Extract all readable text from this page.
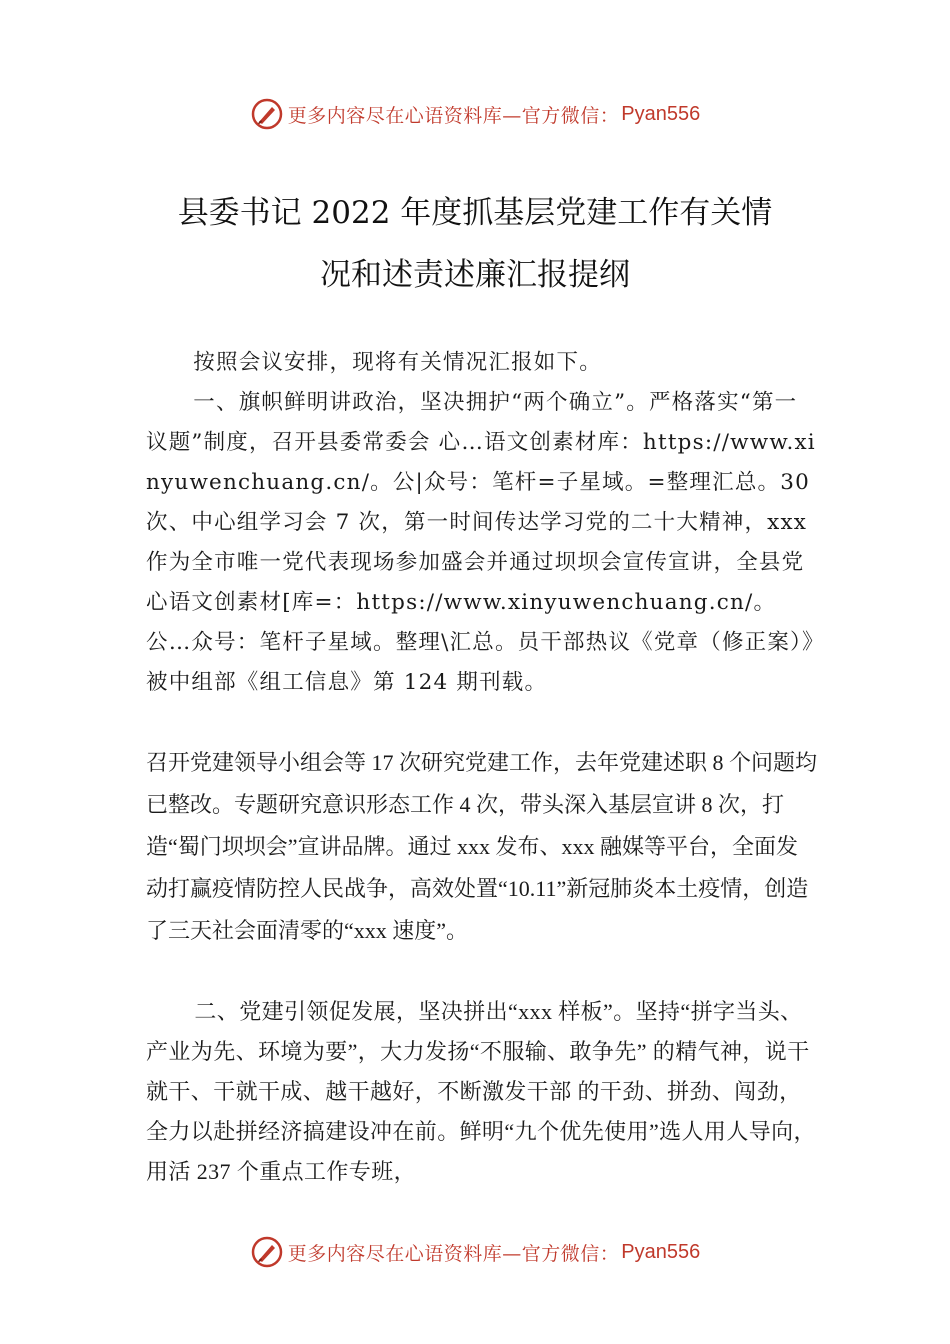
更多内容尽在心语资料库—官方微信： Pyan556
县委书记 2022 年度抓基层党建工作有关情
况和述责述廉汇报提纲

按照会议安排，现将有关情况汇报如下。

一、旗帜鲜明讲政治，坚决拥护“两个确立”。严格落实“第一议题”制度，召开县委常委会 心…语文创素材库：https://www.xinyuwenchuang.cn/。公|众号：笔杆=子星域。=整理汇总。30 次、中心组学习会 7 次，第一时间传达学习党的二十大精神，xxx 作为全市唯一党代表现场参加盛会并通过坝坝会宣传宣讲，全县党心语文创素材[库=：https://www.xinyuwenchuang.cn/。公…众号：笔杆子星域。整理\汇总。员干部热议《党章（修正案）》被中组部《组工信息》第 124 期刊载。

召开党建领导小组会等 17 次研究党建工作，去年党建述职 8 个问题均已整改。专题研究意识形态工作 4 次，带头深入基层宣讲 8 次，打造“蜀门坝坝会”宣讲品牌。通过 xxx 发布、xxx 融媒等平台，全面发动打赢疫情防控人民战争，高效处置“10.11”新冠肺炎本土疫情，创造了三天社会面清零的“xxx 速度”。

二、党建引领促发展，坚决拼出“xxx 样板”。坚持“拼字当头、产业为先、环境为要”，大力发扬“不服输、敢争先” 的精气神，说干就干、干就干成、越干越好，不断激发干部 的干劲、拼劲、闯劲，全力以赴拼经济搞建设冲在前。鲜明“九个优先使用”选人用人导向，用活 237 个重点工作专班，

更多内容尽在心语资料库—官方微信： Pyan556
